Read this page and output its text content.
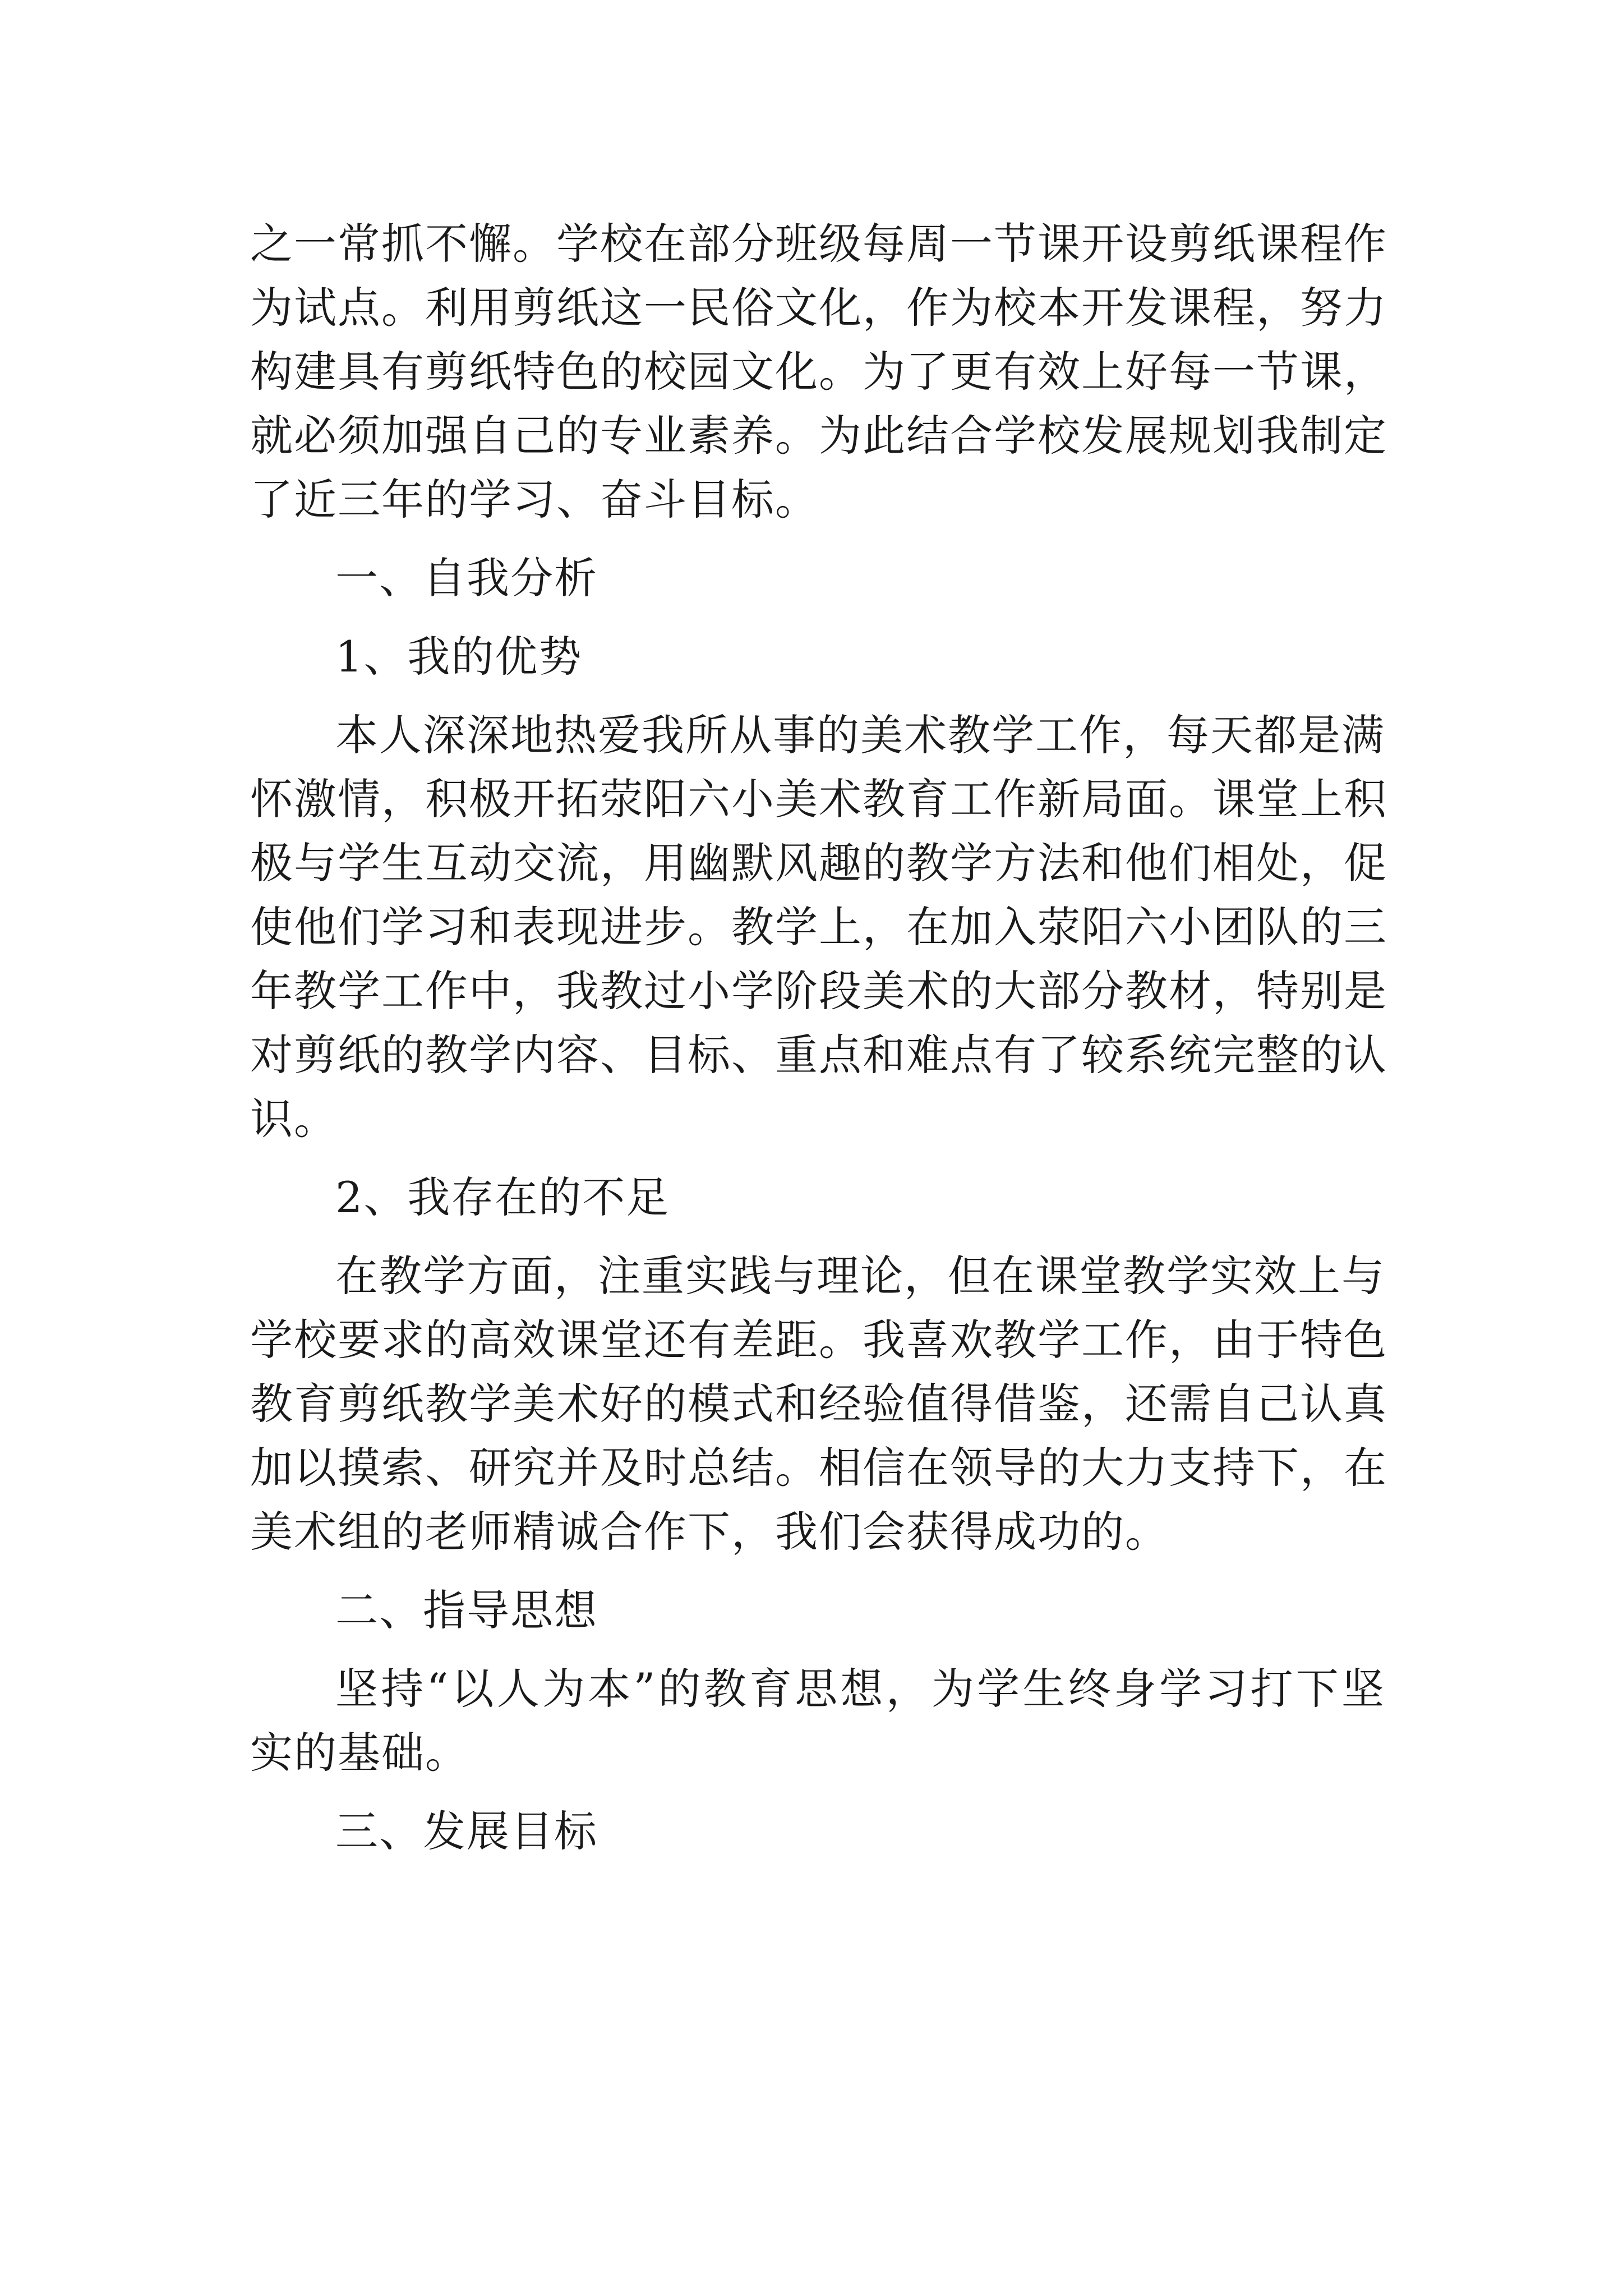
之一常抓不懈。学校在部分班级每周一节课开设剪纸课程作
为试点。利用剪纸这一民俗文化，作为校本开发课程，努力
构建具有剪纸特色的校园文化。为了更有效上好每一节课，
就必须加强自己的专业素养。为此结合学校发展规划我制定
了近三年的学习、奋斗目标。
一、自我分析
1、我的优势
本人深深地热爱我所从事的美术教学工作，每天都是满
怀激情，积极开拓荥阳六小美术教育工作新局面。课堂上积
极与学生互动交流，用幽默风趣的教学方法和他们相处，促
使他们学习和表现进步。教学上，在加入荥阳六小团队的三
年教学工作中，我教过小学阶段美术的大部分教材，特别是
对剪纸的教学内容、目标、重点和难点有了较系统完整的认
识。
2、我存在的不足
在教学方面，注重实践与理论，但在课堂教学实效上与
学校要求的高效课堂还有差距。我喜欢教学工作，由于特色
教育剪纸教学美术好的模式和经验值得借鉴，还需自己认真
加以摸索、研究并及时总结。相信在领导的大力支持下，在
美术组的老师精诚合作下，我们会获得成功的。
二、指导思想
坚持“以人为本”的教育思想，为学生终身学习打下坚
实的基础。
三、发展目标
